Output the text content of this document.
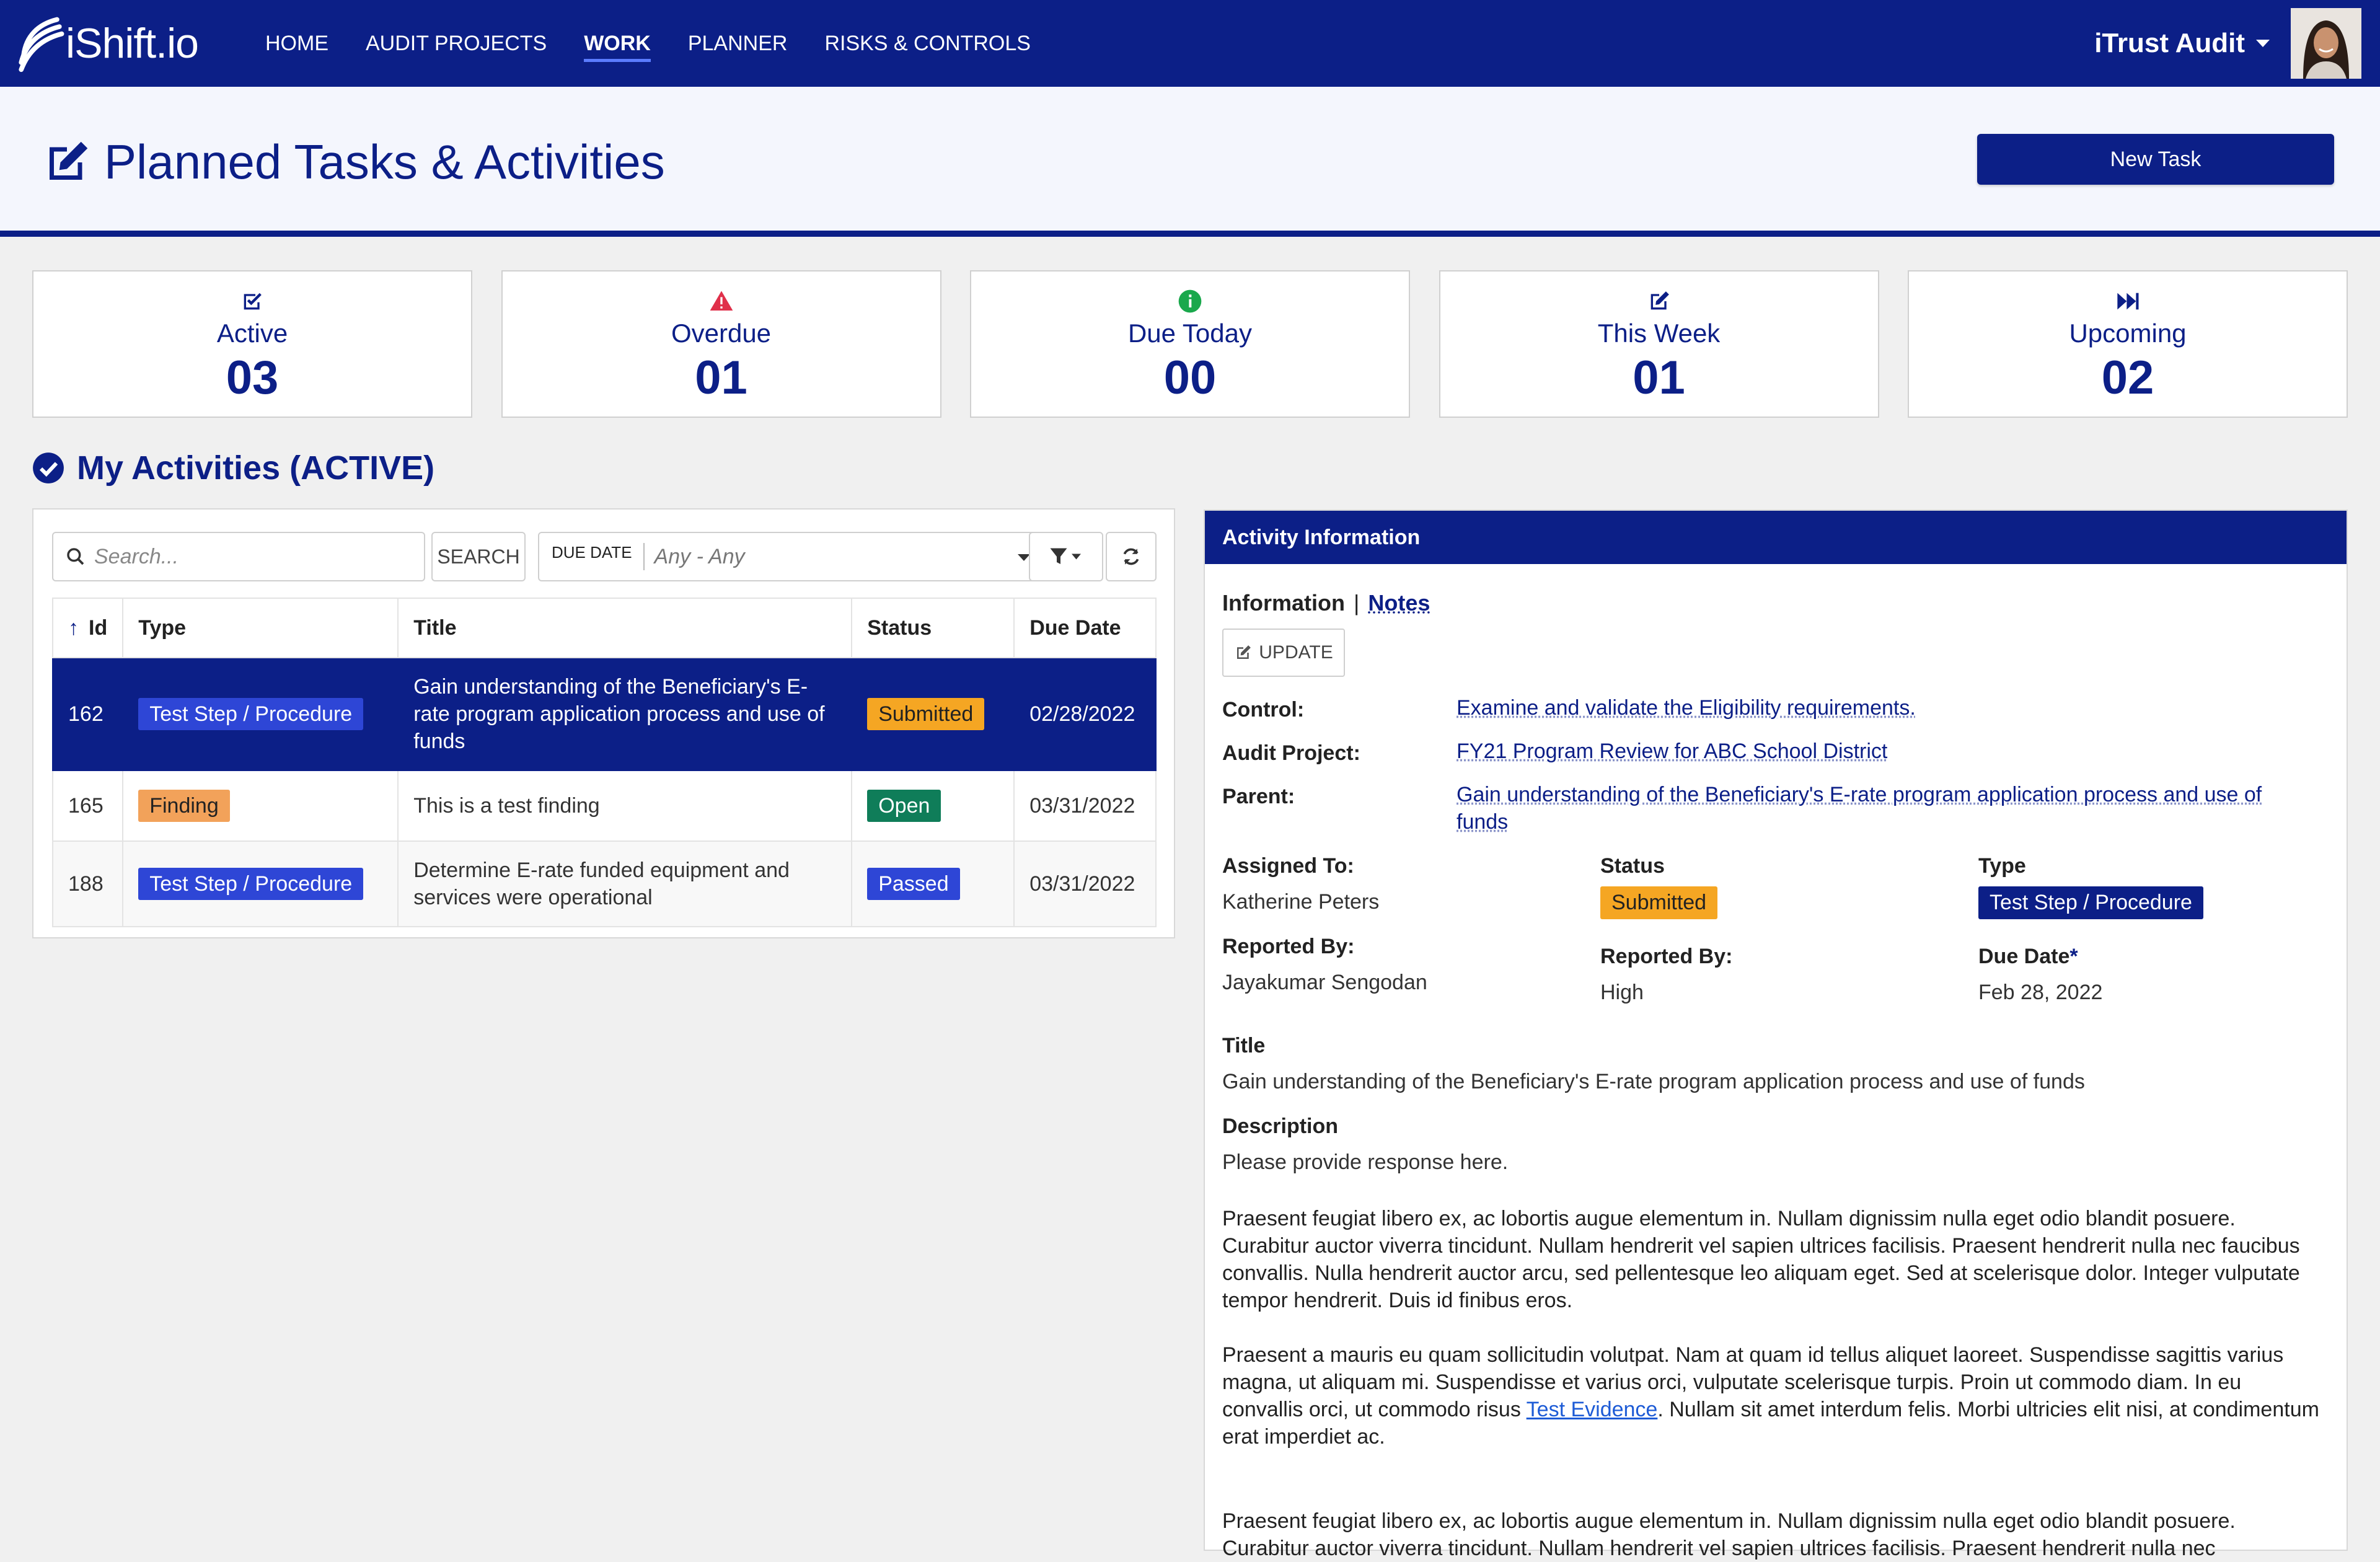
iShift.io	HOME AUDIT PROJECTS WORK PLANNER RISKS & CONTROLS	iTrust Audit
Planned Tasks & Activities	New Task
Active
03
Overdue
01
Due Today
00
This Week
01
Upcoming
02
My Activities (ACTIVE)
Search...
SEARCH	DUE DATE Any - Any
↑ Id	Type	Title	Status	Due Date
162	Test Step / Procedure	Gain understanding of the Beneficiary's E-rate program application process and use of funds	Submitted	02/28/2022
165	Finding	This is a test finding	Open	03/31/2022
188	Test Step / Procedure	Determine E-rate funded equipment and services were operational	Passed	03/31/2022
Activity Information
Information | Notes
UPDATE
Control:	Examine and validate the Eligibility requirements.
Audit Project:	FY21 Program Review for ABC School District
Parent:	Gain understanding of the Beneficiary's E-rate program application process and use of funds
Assigned To:
Katherine Peters
Status
Submitted
Type
Test Step / Procedure
Reported By:
Jayakumar Sengodan
Reported By:
High
Due Date*
Feb 28, 2022
Title
Gain understanding of the Beneficiary's E-rate program application process and use of funds
Description
Please provide response here.
Praesent feugiat libero ex, ac lobortis augue elementum in. Nullam dignissim nulla eget odio blandit posuere. Curabitur auctor viverra tincidunt. Nullam hendrerit vel sapien ultrices facilisis. Praesent hendrerit nulla nec faucibus convallis. Nulla hendrerit auctor arcu, sed pellentesque leo aliquam eget. Sed at scelerisque dolor. Integer vulputate tempor hendrerit. Duis id finibus eros.
Praesent a mauris eu quam sollicitudin volutpat. Nam at quam id tellus aliquet laoreet. Suspendisse sagittis varius magna, ut aliquam mi. Suspendisse et varius orci, vulputate scelerisque turpis. Proin ut commodo diam. In eu convallis orci, ut commodo risus Test Evidence. Nullam sit amet interdum felis. Morbi ultricies elit nisi, at condimentum erat imperdiet ac.
Praesent feugiat libero ex, ac lobortis augue elementum in. Nullam dignissim nulla eget odio blandit posuere. Curabitur auctor viverra tincidunt. Nullam hendrerit vel sapien ultrices facilisis. Praesent hendrerit nulla nec
